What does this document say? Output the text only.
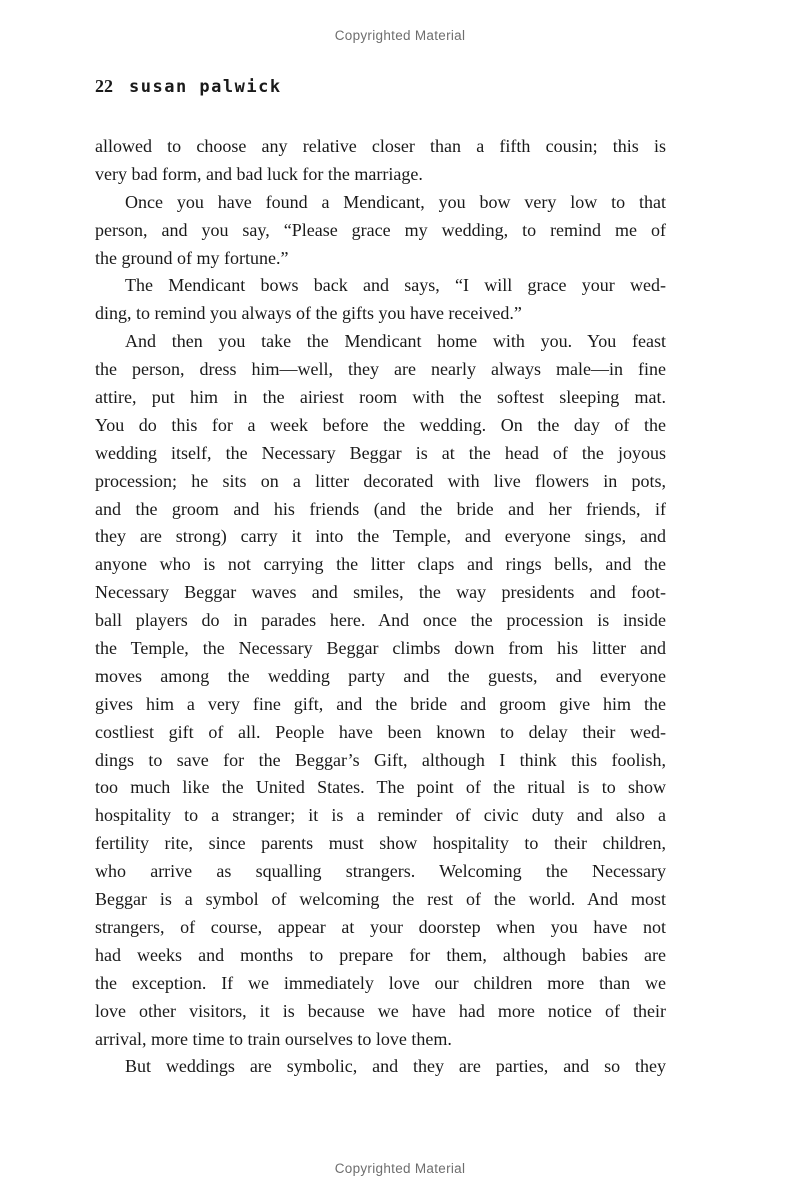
Copyrighted Material
22 susan palwick
allowed to choose any relative closer than a fifth cousin; this is
very bad form, and bad luck for the marriage.
Once you have found a Mendicant, you bow very low to that
person, and you say, “Please grace my wedding, to remind me of
the ground of my fortune.”
The Mendicant bows back and says, “I will grace your wed-
ding, to remind you always of the gifts you have received.”
And then you take the Mendicant home with you. You feast
the person, dress him—well, they are nearly always male—in fine
attire, put him in the airiest room with the softest sleeping mat.
You do this for a week before the wedding. On the day of the
wedding itself, the Necessary Beggar is at the head of the joyous
procession; he sits on a litter decorated with live flowers in pots,
and the groom and his friends (and the bride and her friends, if
they are strong) carry it into the Temple, and everyone sings, and
anyone who is not carrying the litter claps and rings bells, and the
Necessary Beggar waves and smiles, the way presidents and foot-
ball players do in parades here. And once the procession is inside
the Temple, the Necessary Beggar climbs down from his litter and
moves among the wedding party and the guests, and everyone
gives him a very fine gift, and the bride and groom give him the
costliest gift of all. People have been known to delay their wed-
dings to save for the Beggar’s Gift, although I think this foolish,
too much like the United States. The point of the ritual is to show
hospitality to a stranger; it is a reminder of civic duty and also a
fertility rite, since parents must show hospitality to their children,
who arrive as squalling strangers. Welcoming the Necessary
Beggar is a symbol of welcoming the rest of the world. And most
strangers, of course, appear at your doorstep when you have not
had weeks and months to prepare for them, although babies are
the exception. If we immediately love our children more than we
love other visitors, it is because we have had more notice of their
arrival, more time to train ourselves to love them.
But weddings are symbolic, and they are parties, and so they
Copyrighted Material
